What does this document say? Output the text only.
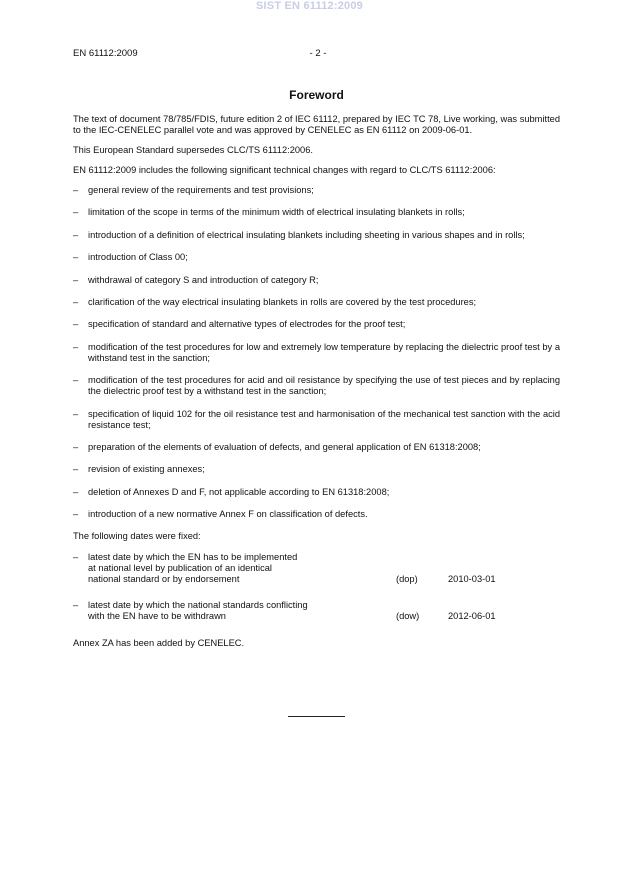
SIST EN 61112:2009
EN 61112:2009	- 2 -
Foreword

The text of document 78/785/FDIS, future edition 2 of IEC 61112, prepared by IEC TC 78, Live working, was submitted to the IEC-CENELEC parallel vote and was approved by CENELEC as EN 61112 on 2009-06-01.

This European Standard supersedes CLC/TS 61112:2006.

EN 61112:2009 includes the following significant technical changes with regard to CLC/TS 61112:2006:

– general review of the requirements and test provisions;
– limitation of the scope in terms of the minimum width of electrical insulating blankets in rolls;
– introduction of a definition of electrical insulating blankets including sheeting in various shapes and in rolls;
– introduction of Class 00;
– withdrawal of category S and introduction of category R;
– clarification of the way electrical insulating blankets in rolls are covered by the test procedures;
– specification of standard and alternative types of electrodes for the proof test;
– modification of the test procedures for low and extremely low temperature by replacing the dielectric proof test by a withstand test in the sanction;
– modification of the test procedures for acid and oil resistance by specifying the use of test pieces and by replacing the dielectric proof test by a withstand test in the sanction;
– specification of liquid 102 for the oil resistance test and harmonisation of the mechanical test sanction with the acid resistance test;
– preparation of the elements of evaluation of defects, and general application of EN 61318:2008;
– revision of existing annexes;
– deletion of Annexes D and F, not applicable according to EN 61318:2008;
– introduction of a new normative Annex F on classification of defects.

The following dates were fixed:

– latest date by which the EN has to be implemented
at national level by publication of an identical
national standard or by endorsement	(dop)	2010-03-01
– latest date by which the national standards conflicting
with the EN have to be withdrawn	(dow)	2012-06-01

Annex ZA has been added by CENELEC.
